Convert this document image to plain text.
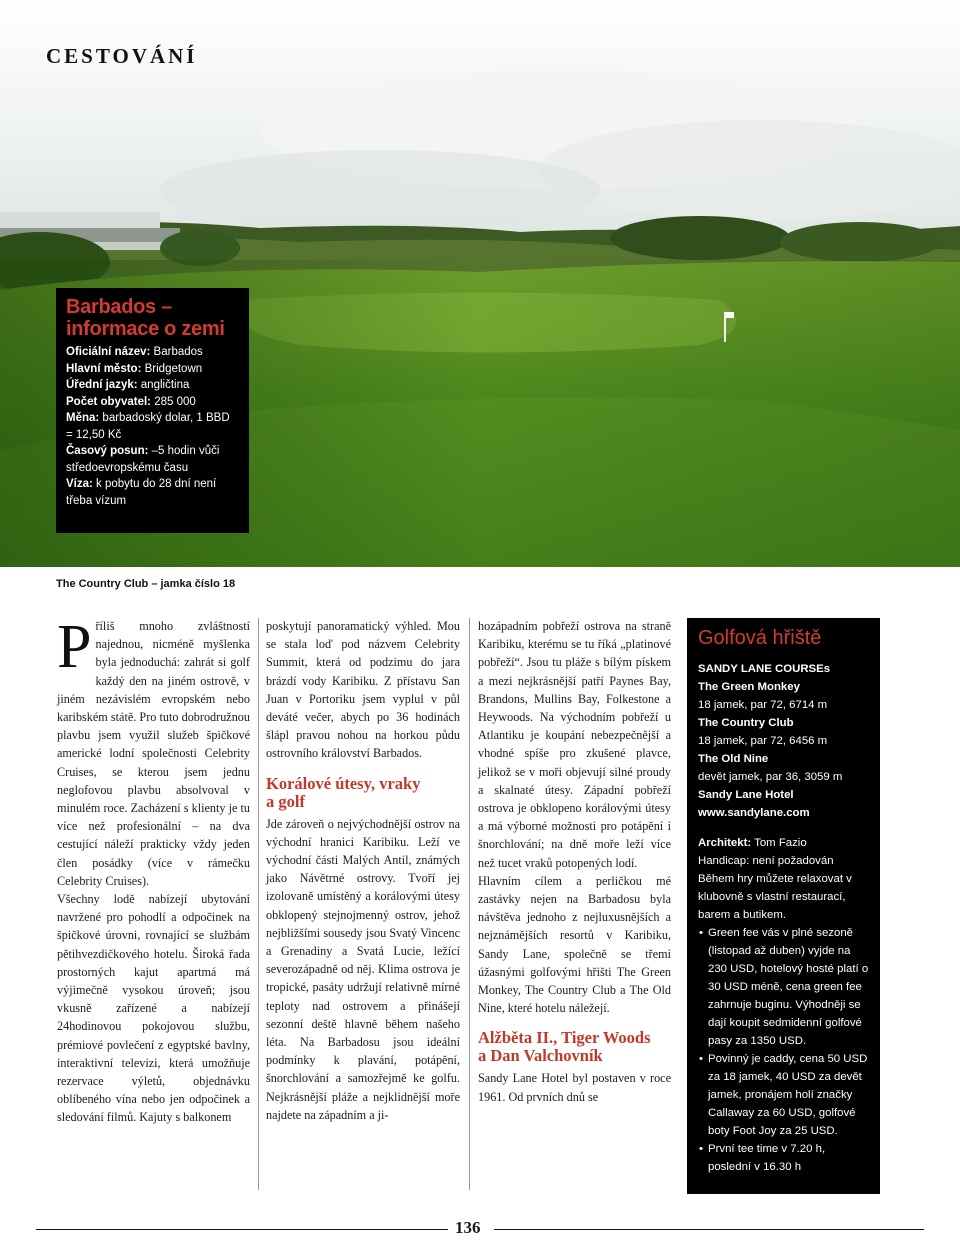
CESTOVÁNÍ
Barbados –
informace o zemi
Oficiální název: Barbados
Hlavní město: Bridgetown
Úřední jazyk: angličtina
Počet obyvatel: 285 000
Měna: barbadoský dolar, 1 BBD = 12,50 Kč
Časový posun: –5 hodin vůči středoevropskému času
Víza: k pobytu do 28 dní není třeba vízum
The Country Club – jamka číslo 18

Příliš mnoho zvláštností najednou, nicméně myšlenka byla jednoduchá: zahrát si golf každý den na jiném ostrově, v jiném nezávislém evropském nebo karibském státě. Pro tuto dobrodružnou plavbu jsem využil služeb špičkové americké lodní společnosti Celebrity Cruises, se kterou jsem jednu neglofovou plavbu absolvoval v minulém roce. Zacházení s klienty je tu více než profesionální – na dva cestující náleží prakticky vždy jeden člen posádky (více v rámečku Celebrity Cruises).

Všechny lodě nabízejí ubytování navržené pro pohodlí a odpočinek na špičkové úrovni, rovnající se službám pětihvezdičkového hotelu. Široká řada prostorných kajut apartmá má výjimečně vysokou úroveň; jsou vkusně zařízené a nabízejí 24hodinovou pokojovou službu, prémiové povlečení z egyptské bavlny, interaktivní televizi, která umožňuje rezervace výletů, objednávku oblíbeného vína nebo jen odpočinek a sledování filmů. Kajuty s balkonem

poskytují panoramatický výhled. Mou se stala loď pod názvem Celebrity Summit, která od podzimu do jara brázdí vody Karibiku. Z přístavu San Juan v Portoriku jsem vyplul v půl deváté večer, abych po 36 hodinách šlápl pravou nohou na horkou půdu ostrovního království Barbados.

Korálové útesy, vraky
a golf

Jde zároveň o nejvýchodnější ostrov na východní hranici Karibiku. Leží ve východní části Malých Antil, známých jako Návětrné ostrovy. Tvoří jej izolovaně umístěný a korálovými útesy obklopený stejnojmenný ostrov, jehož nejbližšími sousedy jsou Svatý Vincenc a Grenadiny a Svatá Lucie, ležící severozápadně od něj. Klima ostrova je tropické, pasáty udržují relativně mírné teploty nad ostrovem a přinášejí sezonní deště hlavně během našeho léta. Na Barbadosu jsou ideální podmínky k plavání, potápění, šnorchlování a samozřejmě ke golfu. Nejkrásnější pláže a nejklidnější moře najdete na západním a ji-

hozápadním pobřeží ostrova na straně Karibiku, kterému se tu říká „platinové pobřeží“. Jsou tu pláže s bílým pískem a mezi nejkrásnější patří Paynes Bay, Brandons, Mullins Bay, Folkestone a Heywoods. Na východním pobřeží u Atlantiku je koupání nebezpečnější a vhodné spíše pro zkušené plavce, jelikož se v moři objevují silné proudy a skalnaté útesy. Západní pobřeží ostrova je obklopeno korálovými útesy a má výborné možnosti pro potápění i šnorchlování; na dně moře leží více než tucet vraků potopených lodí.

Hlavním cílem a perličkou mé zastávky nejen na Barbadosu byla návštěva jednoho z nejluxusnějších a nejznámějších resortů v Karibiku, Sandy Lane, společně se třemi úžasnými golfovými hřišti The Green Monkey, The Country Club a The Old Nine, které hotelu náležejí.

Alžběta II., Tiger Woods
a Dan Valchovník

Sandy Lane Hotel byl postaven v roce 1961. Od prvních dnů se

Golfová hřiště
SANDY LANE COURSEs
The Green Monkey
18 jamek, par 72, 6714 m
The Country Club
18 jamek, par 72, 6456 m
The Old Nine
devět jamek, par 36, 3059 m
Sandy Lane Hotel
www.sandylane.com
Architekt: Tom Fazio
Handicap: není požadován
Během hry můžete relaxovat v klubovně s vlastní restaurací, barem a butikem.
• Green fee vás v plné sezoně (listopad až duben) vyjde na 230 USD, hotelový hosté platí o 30 USD méně, cena green fee zahrnuje buginu. Výhodněji se dají koupit sedmidenní golfové pasy za 1350 USD.
• Povinný je caddy, cena 50 USD za 18 jamek, 40 USD za devět jamek, pronájem holí značky Callaway za 60 USD, golfové boty Foot Joy za 25 USD.
• První tee time v 7.20 h, poslední v 16.30 h
136
